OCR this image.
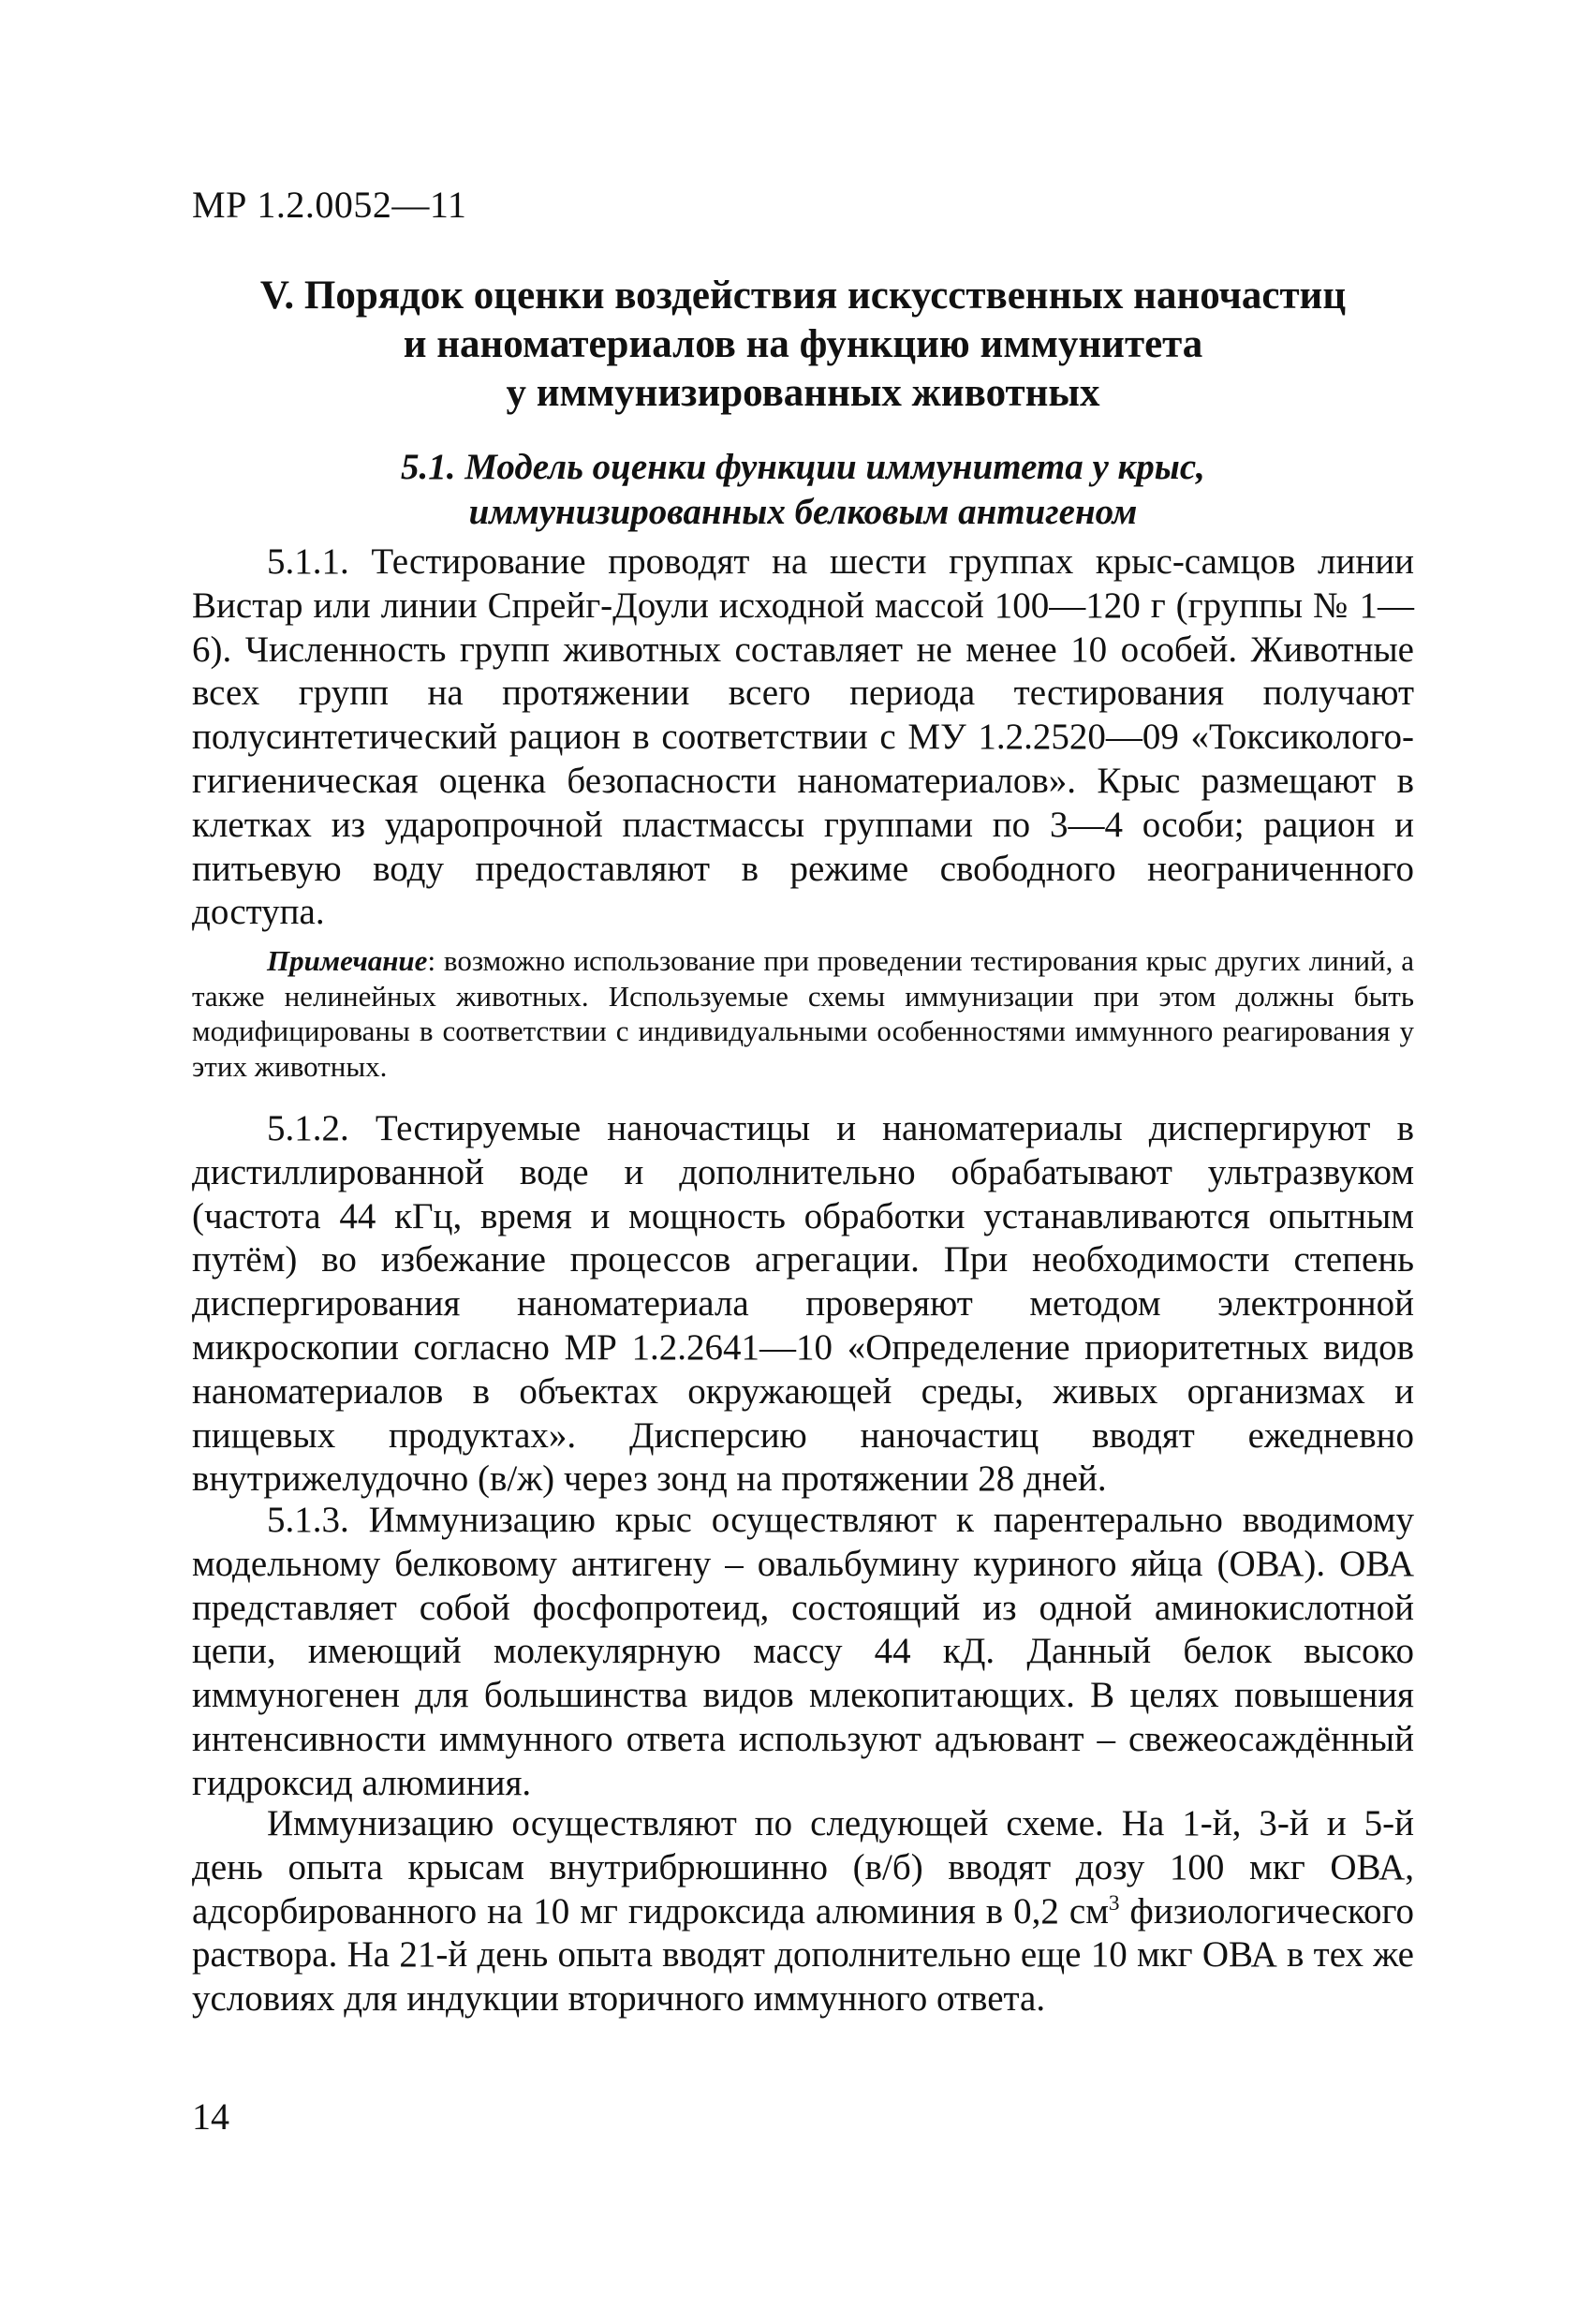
МР 1.2.0052—11
V. Порядок оценки воздействия искусственных наночастиц
и наноматериалов на функцию иммунитета
у иммунизированных животных
5.1. Модель оценки функции иммунитета у крыс,
иммунизированных белковым антигеном

5.1.1. Тестирование проводят на шести группах крыс-самцов линии Вистар или линии Спрейг-Доули исходной массой 100—120 г (группы № 1—6). Численность групп животных составляет не менее 10 особей. Животные всех групп на протяжении всего периода тестирования получают полусинтетический рацион в соответствии с МУ 1.2.2520—09 «Токсиколого-гигиеническая оценка безопасности наноматериалов». Крыс размещают в клетках из ударопрочной пластмассы группами по 3—4 особи; рацион и питьевую воду предоставляют в режиме свободного неограниченного доступа.

Примечание: возможно использование при проведении тестирования крыс других линий, а также нелинейных животных. Используемые схемы иммунизации при этом должны быть модифицированы в соответствии с индивидуальными особенностями иммунного реагирования у этих животных.

5.1.2. Тестируемые наночастицы и наноматериалы диспергируют в дистиллированной воде и дополнительно обрабатывают ультразвуком (частота 44 кГц, время и мощность обработки устанавливаются опытным путём) во избежание процессов агрегации. При необходимости степень диспергирования наноматериала проверяют методом электронной микроскопии согласно МР 1.2.2641—10 «Определение приоритетных видов наноматериалов в объектах окружающей среды, живых организмах и пищевых продуктах». Дисперсию наночастиц вводят ежедневно внутрижелудочно (в/ж) через зонд на протяжении 28 дней.

5.1.3. Иммунизацию крыс осуществляют к парентерально вводимому модельному белковому антигену – овальбумину куриного яйца (ОВА). ОВА представляет собой фосфопротеид, состоящий из одной аминокислотной цепи, имеющий молекулярную массу 44 кД. Данный белок высоко иммуногенен для большинства видов млекопитающих. В целях повышения интенсивности иммунного ответа используют адъювант – свежеосаждённый гидроксид алюминия.

Иммунизацию осуществляют по следующей схеме. На 1-й, 3-й и 5-й день опыта крысам внутрибрюшинно (в/б) вводят дозу 100 мкг ОВА, адсорбированного на 10 мг гидроксида алюминия в 0,2 $см^3$ физиологического раствора. На 21-й день опыта вводят дополнительно еще 10 мкг ОВА в тех же условиях для индукции вторичного иммунного ответа.

14
